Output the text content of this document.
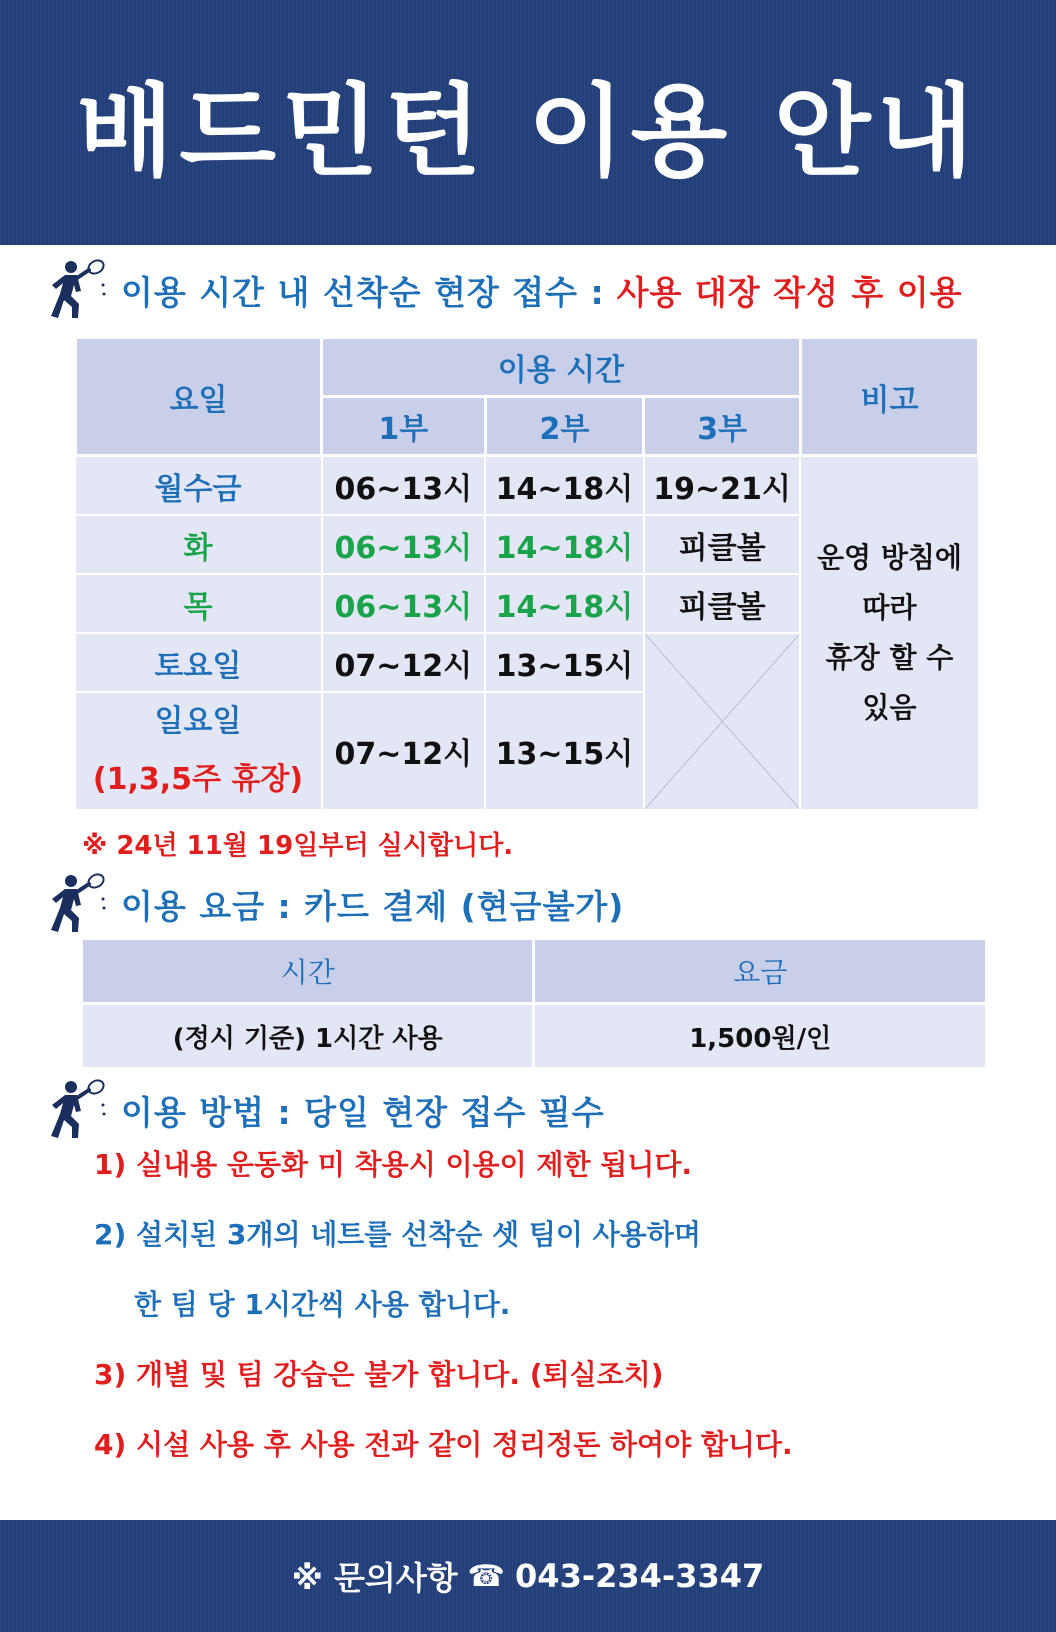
배드민턴 이용 안내
이용 시간 내 선착순 현장 접수 : 사용 대장 작성 후 이용
요일	이용 시간			비고
	1부	2부	3부	
월수금	06~13시	14~18시	19~21시	운영 방침에
따라
휴장 할 수
있음

화	06~13시	14~18시	피클볼	
목	06~13시	14~18시	피클볼	
토요일	07~12시	13~15시	

일요일
(1,3,5주 휴장)	07~12시	13~15시		

※ 24년 11월 19일부터 실시합니다.
이용 요금 : 카드 결제 (현금불가)
시간	요금
(정시 기준) 1시간 사용	1,500원/인
이용 방법 : 당일 현장 접수 필수
1) 실내용 운동화 미 착용시 이용이 제한 됩니다.
2) 설치된 3개의 네트를 선착순 셋 팀이 사용하며
한 팀 당 1시간씩 사용 합니다.
3) 개별 및 팀 강습은 불가 합니다. (퇴실조치)
4) 시설 사용 후 사용 전과 같이 정리정돈 하여야 합니다.
※ 문의사항 ☎ 043-234-3347
